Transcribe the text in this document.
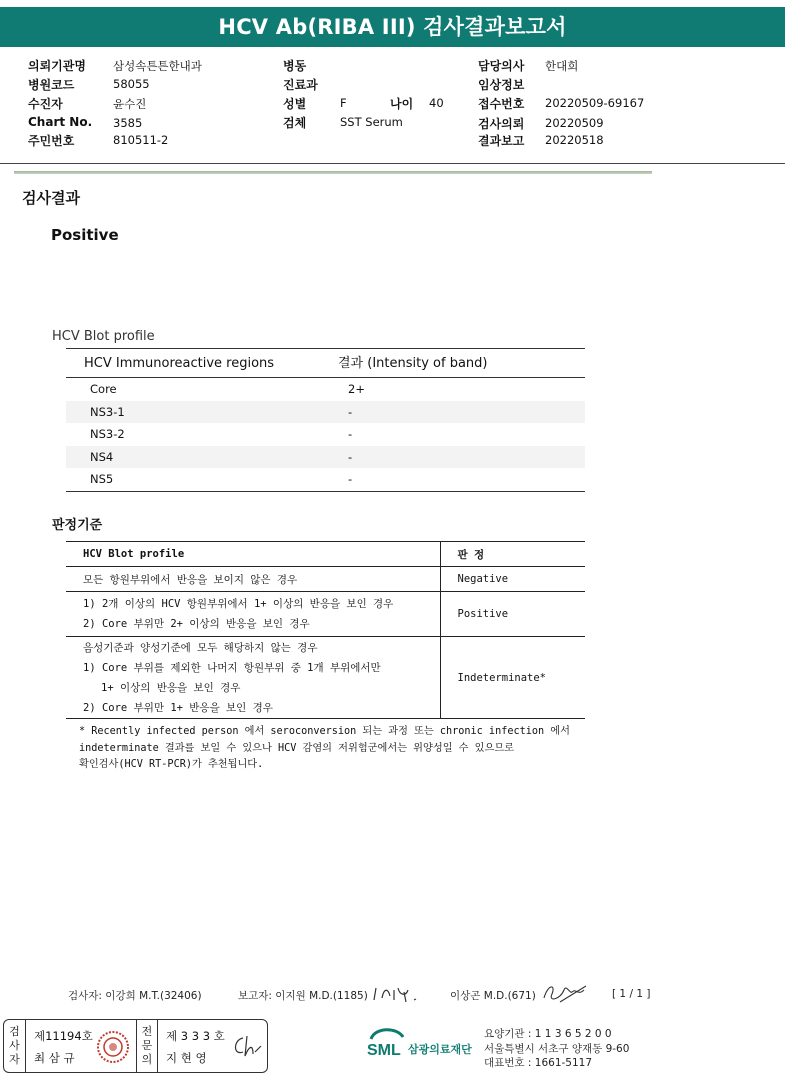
HCV Ab(RIBA III) 검사결과보고서
의뢰기관명 삼성속튼튼한내과
병원코드	58055
수진자	윤수진
Chart No. 3585
주민번호	810511-2
병동
진료과
성별	F	나이 40
검체	SST Serum
담당의사 한대희
임상정보
접수번호 20220509-69167
검사의뢰 20220509
결과보고 20220518
검사결과
Positive
HCV Blot profile
HCV Immunoreactive regions	결과 (Intensity of band)
Core	2+
NS3-1	-
NS3-2	-
NS4	-
NS5	-
판정기준
HCV Blot profile	판 정
모든 항원부위에서 반응을 보이지 않은 경우	Negative

1) 2개 이상의 HCV 항원부위에서 1+ 이상의 반응을 보인 경우
2) Core 부위만 2+ 이상의 반응을 보인 경우	Positive

음성기준과 양성기준에 모두 해당하지 않는 경우
1) Core 부위를 제외한 나머지 항원부위 중 1개 부위에서만
1+ 이상의 반응을 보인 경우
2) Core 부위만 1+ 반응을 보인 경우	Indeterminate*
* Recently infected person 에서 seroconversion 되는 과정 또는 chronic infection 에서
indeterminate 결과를 보일 수 있으나 HCV 감염의 저위험군에서는 위양성일 수 있으므로
확인검사(HCV RT-PCR)가 추천됩니다.
검사자: 이강희 M.T.(32406)	보고자: 이지원 M.D.(1185)	이상곤 M.D.(671)	[ 1 / 1 ]
검사자
제11194호
최 삼 규
전문의
제 3 3 3 호
지 현 영	SML 삼광의료재단
요양기관 : 1 1 3 6 5 2 0 0
서울특별시 서초구 양재동 9-60
대표번호 : 1661-5117
